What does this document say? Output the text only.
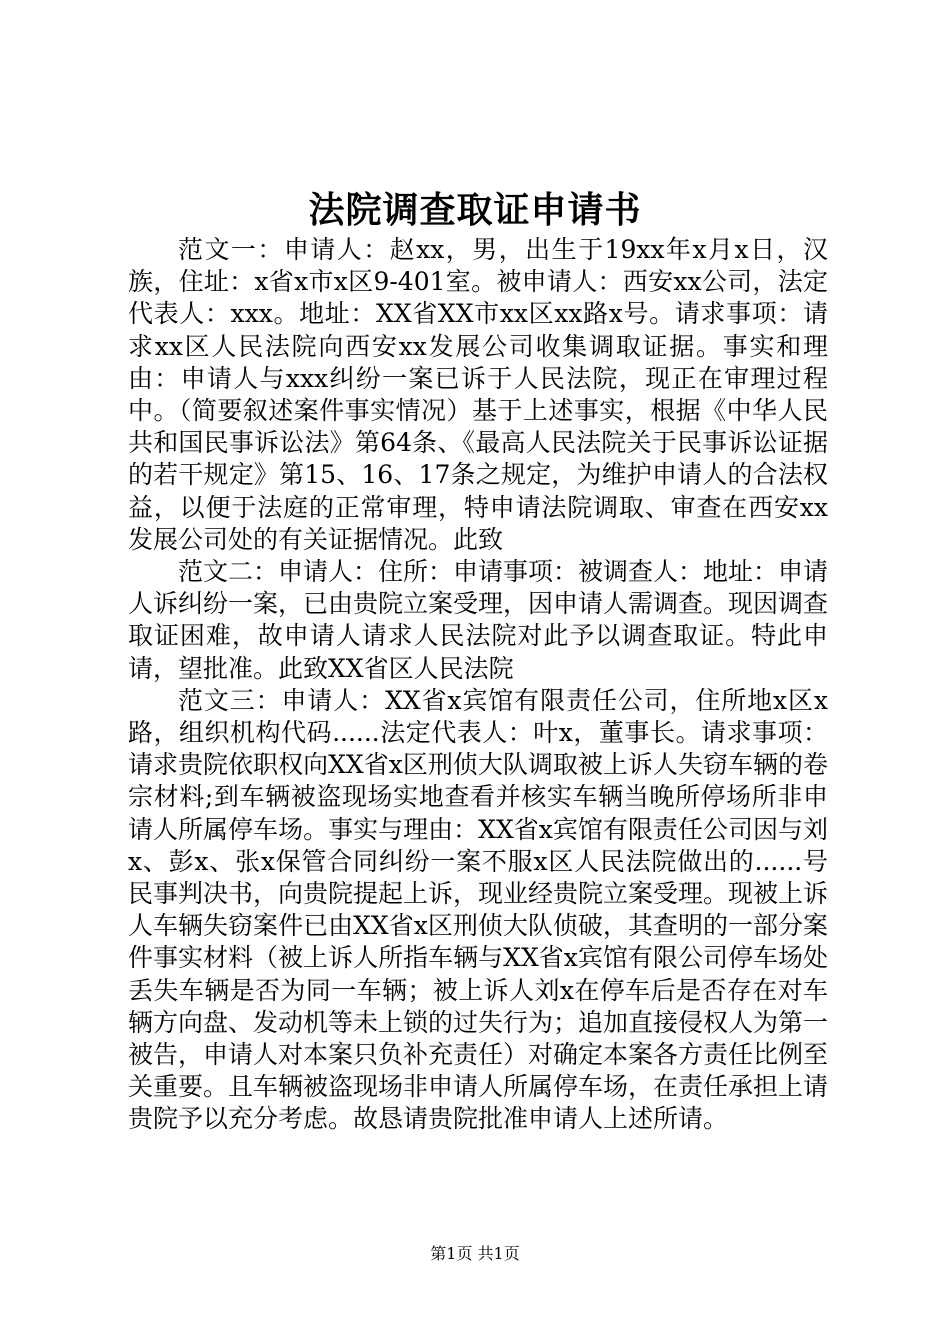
法院调查取证申请书

范文一：申请人：赵xx，男，出生于19xx年x月x日，汉族，住址：x省x市x区9-401室。被申请人：西安xx公司，法定代表人：xxx。地址：XX省XX市xx区xx路x号。请求事项：请求xx区人民法院向西安xx发展公司收集调取证据。事实和理由：申请人与xxx纠纷一案已诉于人民法院，现正在审理过程中。（简要叙述案件事实情况）基于上述事实，根据《中华人民共和国民事诉讼法》第64条、《最高人民法院关于民事诉讼证据的若干规定》第15、16、17条之规定，为维护申请人的合法权益，以便于法庭的正常审理，特申请法院调取、审查在西安xx发展公司处的有关证据情况。此致

范文二：申请人：住所：申请事项：被调查人：地址：申请人诉纠纷一案，已由贵院立案受理，因申请人需调查。现因调查取证困难，故申请人请求人民法院对此予以调查取证。特此申请，望批准。此致XX省区人民法院

范文三：申请人：XX省x宾馆有限责任公司，住所地x区x路，组织机构代码......法定代表人：叶x，董事长。请求事项：请求贵院依职权向XX省x区刑侦大队调取被上诉人失窃车辆的卷宗材料;到车辆被盗现场实地查看并核实车辆当晚所停场所非申请人所属停车场。事实与理由：XX省x宾馆有限责任公司因与刘x、彭x、张x保管合同纠纷一案不服x区人民法院做出的......号民事判决书，向贵院提起上诉，现业经贵院立案受理。现被上诉人车辆失窃案件已由XX省x区刑侦大队侦破，其查明的一部分案件事实材料（被上诉人所指车辆与XX省x宾馆有限公司停车场处丢失车辆是否为同一车辆；被上诉人刘x在停车后是否存在对车辆方向盘、发动机等未上锁的过失行为；追加直接侵权人为第一被告，申请人对本案只负补充责任）对确定本案各方责任比例至关重要。且车辆被盗现场非申请人所属停车场，在责任承担上请贵院予以充分考虑。故恳请贵院批准申请人上述所请。

第1页 共1页
